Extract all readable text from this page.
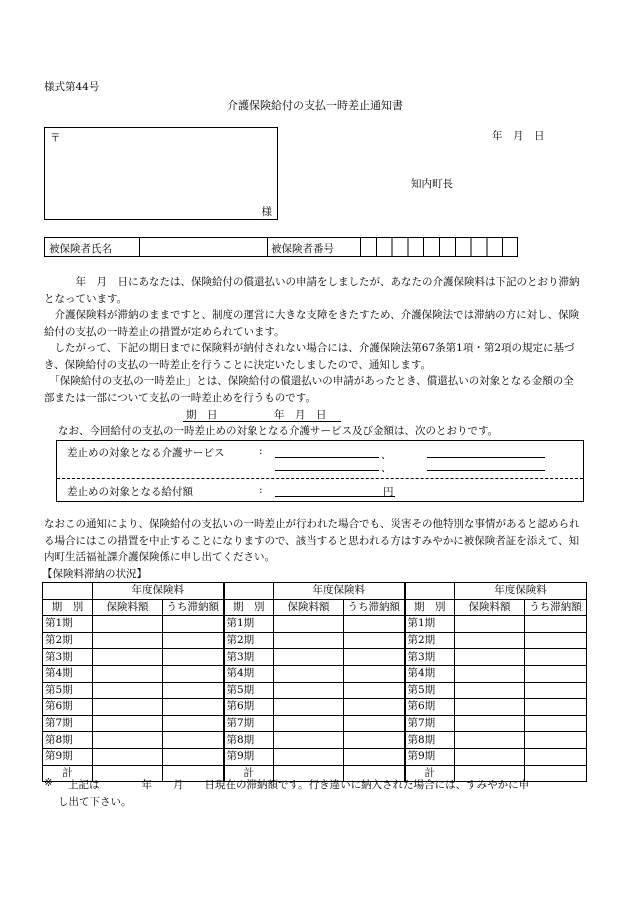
様式第44号
介護保険給付の支払一時差止通知書
〒
様
年　月　日
知内町長
被保険者氏名	被保険者番号

　　　年　月　日にあなたは、保険給付の償還払いの申請をしましたが、あなたの介護保険料は下記のとおり滞納となっています。

　介護保険料が滞納のままですと、制度の運営に大きな支障をきたすため、介護保険法では滞納の方に対し、保険給付の支払の一時差止の措置が定められています。

　したがって、下記の期日までに保険料が納付されない場合には、介護保険法第67条第1項・第2項の規定に基づき、保険給付の支払の一時差止を行うことに決定いたしましたので、通知します。

　「保険給付の支払の一時差止」とは、保険給付の償還払いの申請があったとき、償還払いの対象となる金額の全部または一部について支払の一時差止めを行うものです。

期　日	年　月　日
なお、今回給付の支払の一時差止めの対象となる介護サービス及び金額は、次のとおりです。
差止めの対象となる介護サービス	:	、
、
差止めの対象となる給付額	:	円
なおこの通知により、保険給付の支払いの一時差止が行われた場合でも、災害その他特別な事情があると認められる場合にはこの措置を中止することになりますので、該当すると思われる方はすみやかに被保険者証を添えて、知内町生活福祉課介護保険係に申し出てください。
【保険料滞納の状況】
	年度保険料			年度保険料			年度保険料	
期　別	保険料額	うち滞納額	期　別	保険料額	うち滞納額	期　別	保険料額	うち滞納額
第1期			第1期			第1期		
第2期			第2期			第2期		
第3期			第3期			第3期		
第4期			第4期			第4期		
第5期			第5期			第5期		
第6期			第6期			第6期		
第7期			第7期			第7期		
第8期			第8期			第8期		
第9期			第9期			第9期		
計			計			計		
※ 上記は　　　　年　　月　　日現在の滞納額です。行き違いに納入された場合には、すみやかに申
し出て下さい。
